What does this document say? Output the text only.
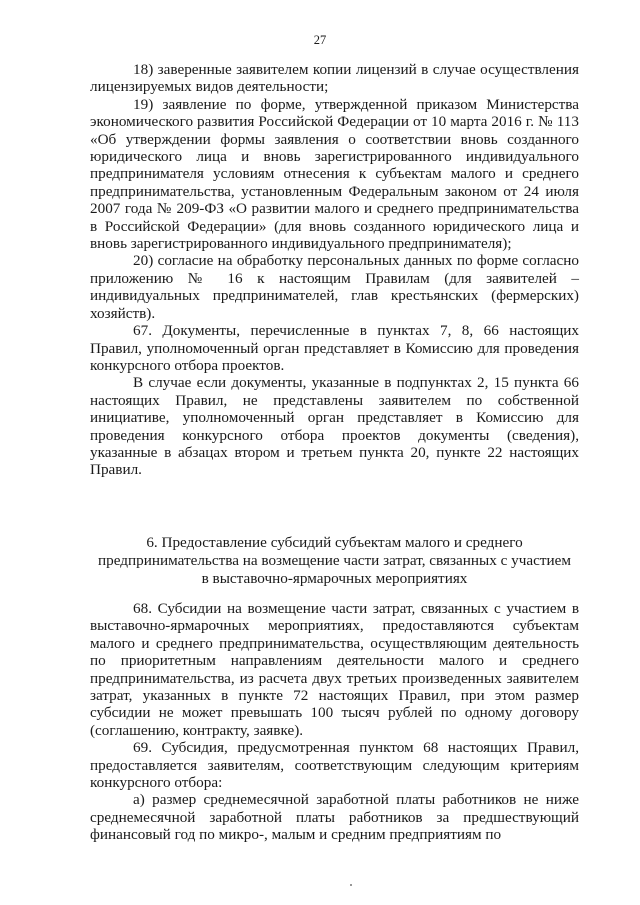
27

18) заверенные заявителем копии лицензий в случае осуществления лицензируемых видов деятельности;

19) заявление по форме, утвержденной приказом Министерства экономического развития Российской Федерации от 10 марта 2016 г. № 113 «Об утверждении формы заявления о соответствии вновь созданного юридического лица и вновь зарегистрированного индивидуального предпринимателя условиям отнесения к субъектам малого и среднего предпринимательства, установленным Федеральным законом от 24 июля 2007 года № 209-ФЗ «О развитии малого и среднего предпринимательства в Российской Федерации» (для вновь созданного юридического лица и вновь зарегистрированного индивидуального предпринимателя);

20) согласие на обработку персональных данных по форме согласно приложению № 16 к настоящим Правилам (для заявителей – индивидуальных предпринимателей, глав крестьянских (фермерских) хозяйств).

67. Документы, перечисленные в пунктах 7, 8, 66 настоящих Правил, уполномоченный орган представляет в Комиссию для проведения конкурсного отбора проектов.

В случае если документы, указанные в подпунктах 2, 15 пункта 66 настоящих Правил, не представлены заявителем по собственной инициативе, уполномоченный орган представляет в Комиссию для проведения конкурсного отбора проектов документы (сведения), указанные в абзацах втором и третьем пункта 20, пункте 22 настоящих Правил.

6. Предоставление субсидий субъектам малого и среднего
предпринимательства на возмещение части затрат, связанных с участием
в выставочно-ярмарочных мероприятиях

68. Субсидии на возмещение части затрат, связанных с участием в выставочно-ярмарочных мероприятиях, предоставляются субъектам малого и среднего предпринимательства, осуществляющим деятельность по приоритетным направлениям деятельности малого и среднего предпринимательства, из расчета двух третьих произведенных заявителем затрат, указанных в пункте 72 настоящих Правил, при этом размер субсидии не может превышать 100 тысяч рублей по одному договору (соглашению, контракту, заявке).

69. Субсидия, предусмотренная пунктом 68 настоящих Правил, предоставляется заявителям, соответствующим следующим критериям конкурсного отбора:

а) размер среднемесячной заработной платы работников не ниже среднемесячной заработной платы работников за предшествующий финансовый год по микро-, малым и средним предприятиям по
